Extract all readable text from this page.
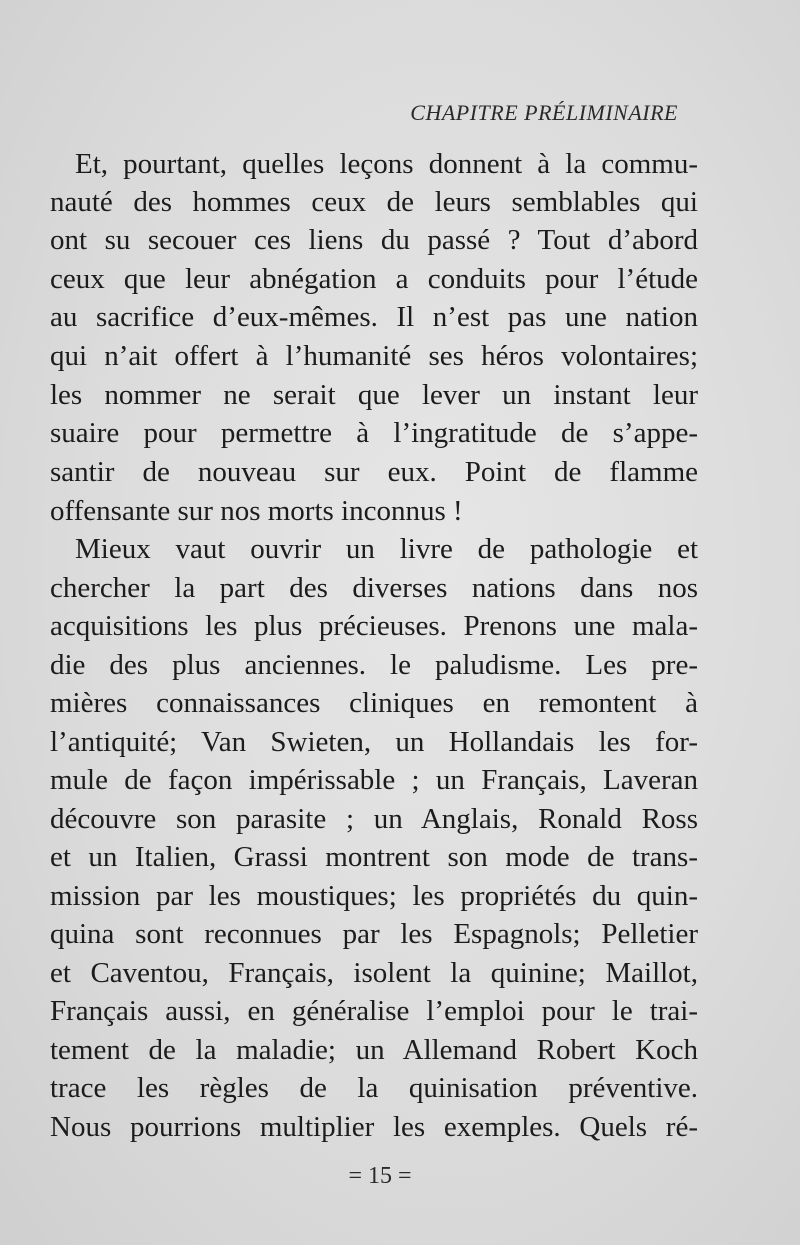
CHAPITRE PRÉLIMINAIRE
Et, pourtant, quelles leçons donnent à la commu-
nauté des hommes ceux de leurs semblables qui
ont su secouer ces liens du passé ? Tout d’abord
ceux que leur abnégation a conduits pour l’étude
au sacrifice d’eux-mêmes. Il n’est pas une nation
qui n’ait offert à l’humanité ses héros volontaires;
les nommer ne serait que lever un instant leur
suaire pour permettre à l’ingratitude de s’appe-
santir de nouveau sur eux. Point de flamme
offensante sur nos morts inconnus !
Mieux vaut ouvrir un livre de pathologie et
chercher la part des diverses nations dans nos
acquisitions les plus précieuses. Prenons une mala-
die des plus anciennes. le paludisme. Les pre-
mières connaissances cliniques en remontent à
l’antiquité; Van Swieten, un Hollandais les for-
mule de façon impérissable ; un Français, Laveran
découvre son parasite ; un Anglais, Ronald Ross
et un Italien, Grassi montrent son mode de trans-
mission par les moustiques; les propriétés du quin-
quina sont reconnues par les Espagnols; Pelletier
et Caventou, Français, isolent la quinine; Maillot,
Français aussi, en généralise l’emploi pour le trai-
tement de la maladie; un Allemand Robert Koch
trace les règles de la quinisation préventive.
Nous pourrions multiplier les exemples. Quels ré-
= 15 =
